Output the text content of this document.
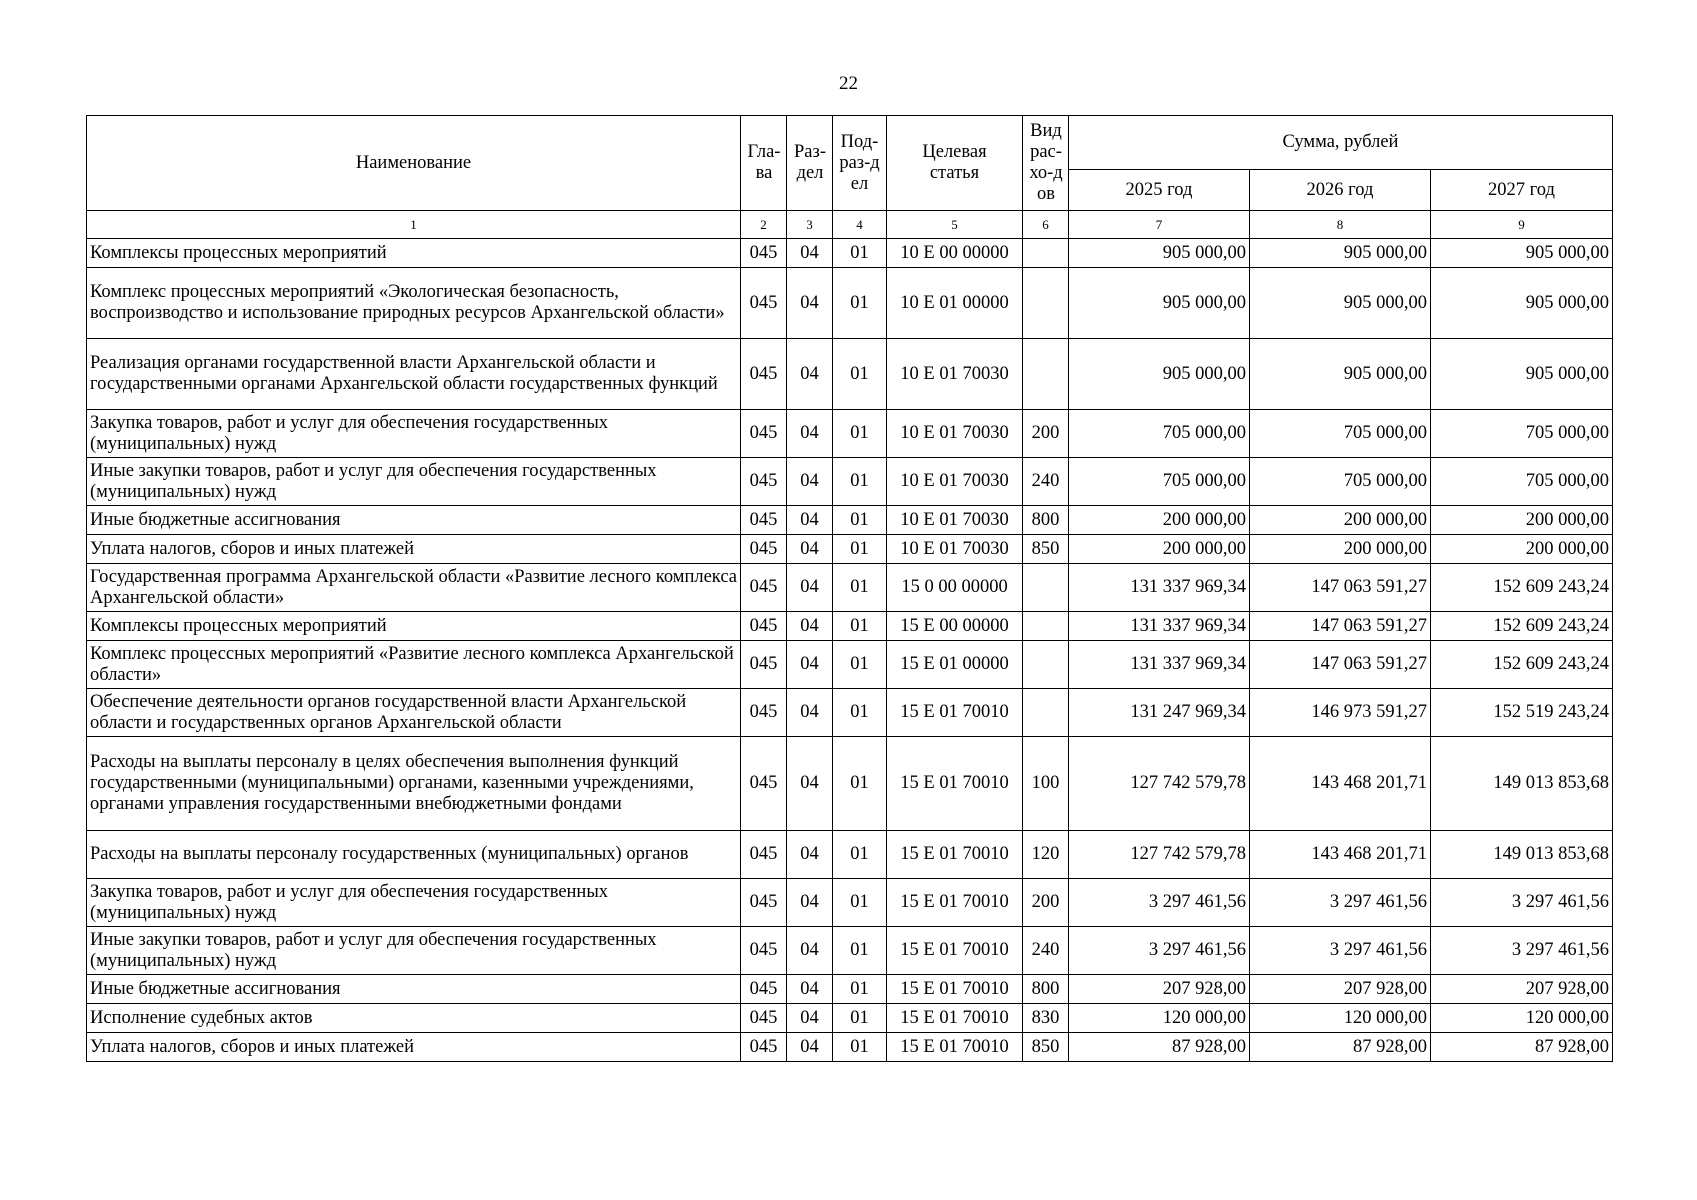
22
Наименование	Гла-ва	Раз-дел	Под-раз-дел	Целевая статья	Вид рас-хо-дов	Сумма, рублей		
						2025 год	2026 год	2027 год
1	2	3	4	5	6	7	8	9
Комплексы процессных мероприятий	045	04	01	10 Е 00 00000		905 000,00	905 000,00	905 000,00
Комплекс процессных мероприятий «Экологическая безопасность, воспроизводство и использование природных ресурсов Архангельской области»	045	04	01	10 Е 01 00000		905 000,00	905 000,00	905 000,00
Реализация органами государственной власти Архангельской области и государственными органами Архангельской области государственных функций	045	04	01	10 Е 01 70030		905 000,00	905 000,00	905 000,00
Закупка товаров, работ и услуг для обеспечения государственных (муниципальных) нужд	045	04	01	10 Е 01 70030	200	705 000,00	705 000,00	705 000,00
Иные закупки товаров, работ и услуг для обеспечения государственных (муниципальных) нужд	045	04	01	10 Е 01 70030	240	705 000,00	705 000,00	705 000,00
Иные бюджетные ассигнования	045	04	01	10 Е 01 70030	800	200 000,00	200 000,00	200 000,00
Уплата налогов, сборов и иных платежей	045	04	01	10 Е 01 70030	850	200 000,00	200 000,00	200 000,00
Государственная программа Архангельской области «Развитие лесного комплекса Архангельской области»	045	04	01	15 0 00 00000		131 337 969,34	147 063 591,27	152 609 243,24
Комплексы процессных мероприятий	045	04	01	15 Е 00 00000		131 337 969,34	147 063 591,27	152 609 243,24
Комплекс процессных мероприятий «Развитие лесного комплекса Архангельской области»	045	04	01	15 Е 01 00000		131 337 969,34	147 063 591,27	152 609 243,24
Обеспечение деятельности органов государственной власти Архангельской области и государственных органов Архангельской области	045	04	01	15 Е 01 70010		131 247 969,34	146 973 591,27	152 519 243,24
Расходы на выплаты персоналу в целях обеспечения выполнения функций государственными (муниципальными) органами, казенными учреждениями, органами управления государственными внебюджетными фондами	045	04	01	15 Е 01 70010	100	127 742 579,78	143 468 201,71	149 013 853,68
Расходы на выплаты персоналу государственных (муниципальных) органов	045	04	01	15 Е 01 70010	120	127 742 579,78	143 468 201,71	149 013 853,68
Закупка товаров, работ и услуг для обеспечения государственных (муниципальных) нужд	045	04	01	15 Е 01 70010	200	3 297 461,56	3 297 461,56	3 297 461,56
Иные закупки товаров, работ и услуг для обеспечения государственных (муниципальных) нужд	045	04	01	15 Е 01 70010	240	3 297 461,56	3 297 461,56	3 297 461,56
Иные бюджетные ассигнования	045	04	01	15 Е 01 70010	800	207 928,00	207 928,00	207 928,00
Исполнение судебных актов	045	04	01	15 Е 01 70010	830	120 000,00	120 000,00	120 000,00
Уплата налогов, сборов и иных платежей	045	04	01	15 Е 01 70010	850	87 928,00	87 928,00	87 928,00
